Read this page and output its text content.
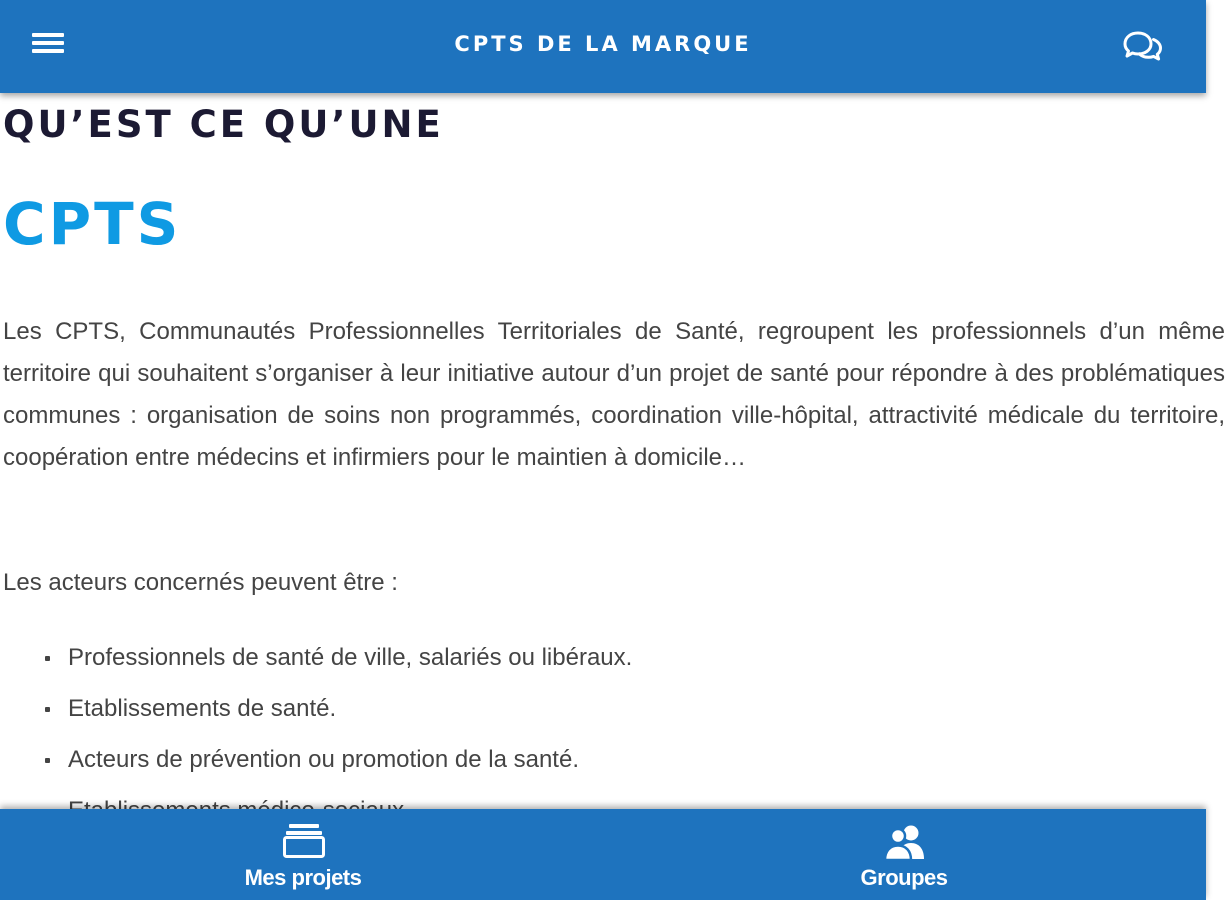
CPTS DE LA MARQUE
QU’EST CE QU’UNE
CPTS

Les CPTS, Communautés Professionnelles Territoriales de Santé, regroupent les professionnels d’un même territoire qui souhaitent s’organiser à leur initiative autour d’un projet de santé pour répondre à des problématiques communes : organisation de soins non programmés, coordination ville-hôpital, attractivité médicale du territoire, coopération entre médecins et infirmiers pour le maintien à domicile…

Les acteurs concernés peuvent être :

Professionnels de santé de ville, salariés ou libéraux.
Etablissements de santé.
Acteurs de prévention ou promotion de la santé.
Mes projets	Groupes
